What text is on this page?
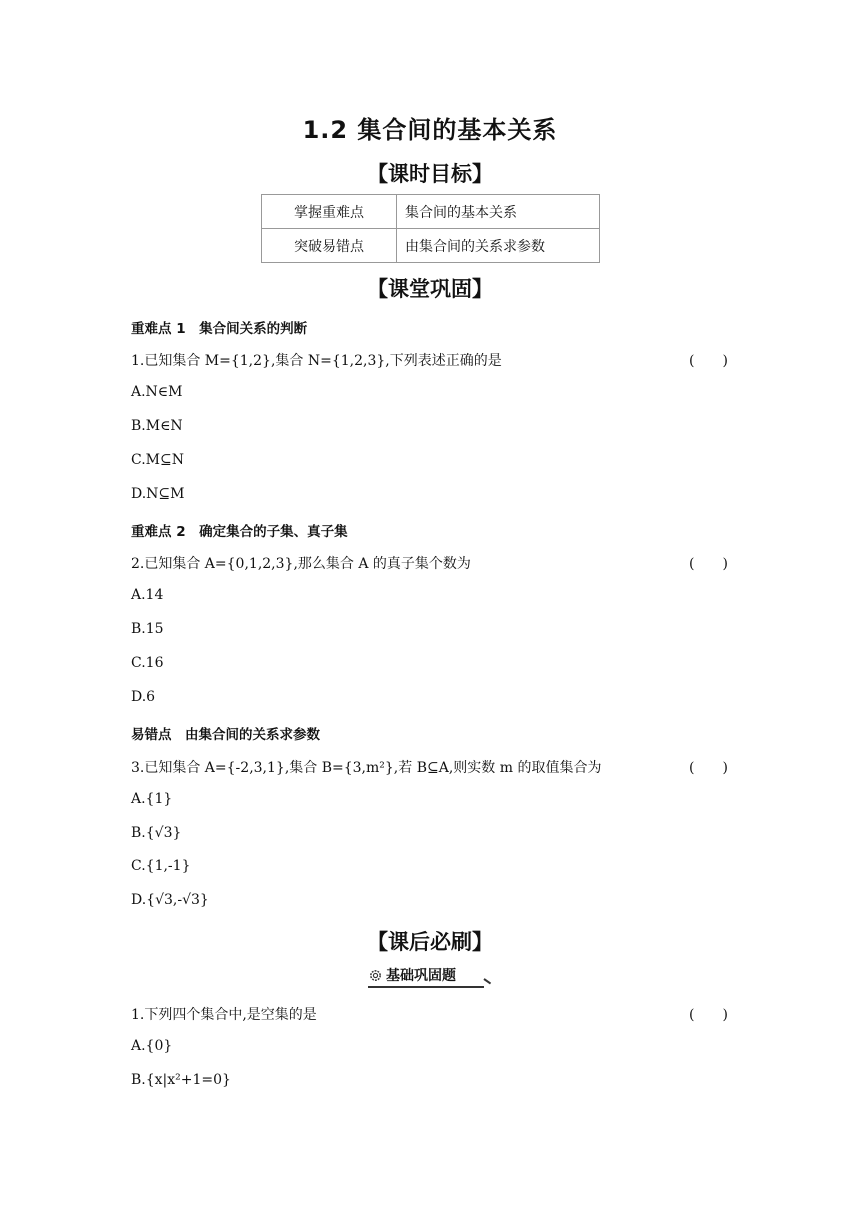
1.2 集合间的基本关系
【课时目标】
掌握重难点	集合间的基本关系
突破易错点	由集合间的关系求参数
【课堂巩固】
重难点 1　集合间关系的判断
1.已知集合 M={1,2},集合 N={1,2,3},下列表述正确的是	(　　)
A.N∈M
B.M∈N
C.M⊆N
D.N⊆M
重难点 2　确定集合的子集、真子集
2.已知集合 A={0,1,2,3},那么集合 A 的真子集个数为	(　　)
A.14
B.15
C.16
D.6
易错点　由集合间的关系求参数
3.已知集合 A={-2,3,1},集合 B={3,m²},若 B⊆A,则实数 m 的取值集合为	(　　)
A.{1}
B.{√3}
C.{1,-1}
D.{√3,-√3}
【课后必刷】
基础巩固题
1.下列四个集合中,是空集的是	(　　)
A.{0}
B.{x|x²+1=0}
